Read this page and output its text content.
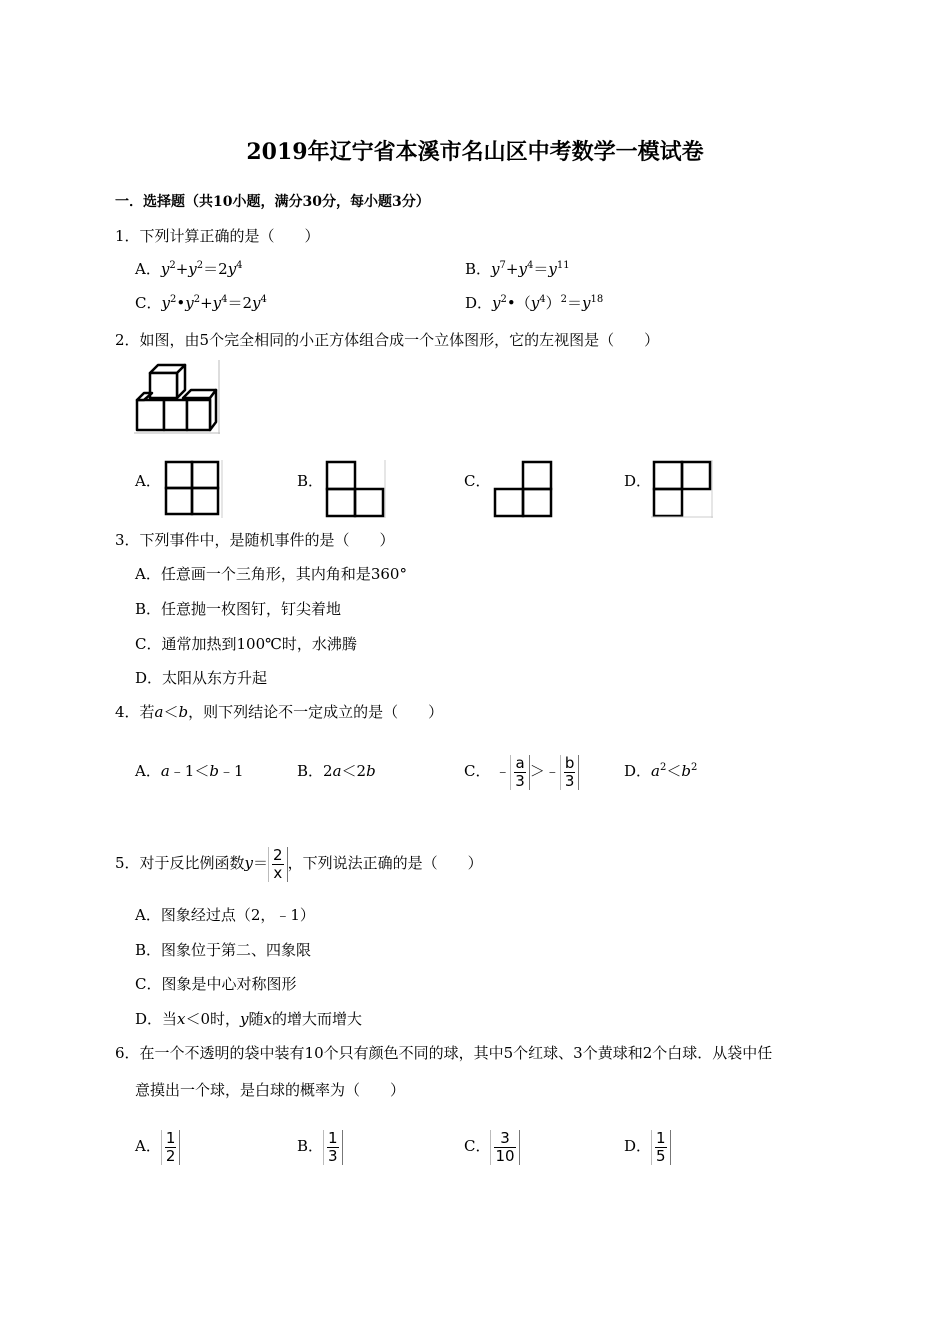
2019年辽宁省本溪市名山区中考数学一模试卷
一．选择题（共10小题，满分30分，每小题3分）
1．下列计算正确的是（　　）
A．$y^2+y^2=2y^4$	B．$y^7+y^4=y^{11}$
C．$y^2•y^2+y^4=2y^4$	D．$y^2•(y^4)^2=y^{18}$
2．如图，由5个完全相同的小正方体组合成一个立体图形，它的左视图是（　　）
A．	B．	C．	D．
3．下列事件中，是随机事件的是（　　）
A．任意画一个三角形，其内角和是360°
B．任意抛一枚图钉，钉尖着地
C．通常加热到100℃时，水沸腾
D．太阳从东方升起
4．若a＜b，则下列结论不一定成立的是（　　）
A．a﹣1＜b﹣1	B．2a＜2b	C． ﹣ $\frac{a}{3}$ ＞﹣ $\frac{b}{3}$	D．$a^2<b^2$
5．对于反比例函数$y= \frac{2}{x}$ ，下列说法正确的是（　　）
A．图象经过点（2，﹣1）
B．图象位于第二、四象限
C．图象是中心对称图形
D．当x＜0时，y随x的增大而增大
6．在一个不透明的袋中装有10个只有颜色不同的球，其中5个红球、3个黄球和2个白球．从袋中任
意摸出一个球，是白球的概率为（　　）
A． $\frac{1}{2}$	B． $\frac{1}{3}$	C． $\frac{3}{10}$	D． $\frac{1}{5}$
